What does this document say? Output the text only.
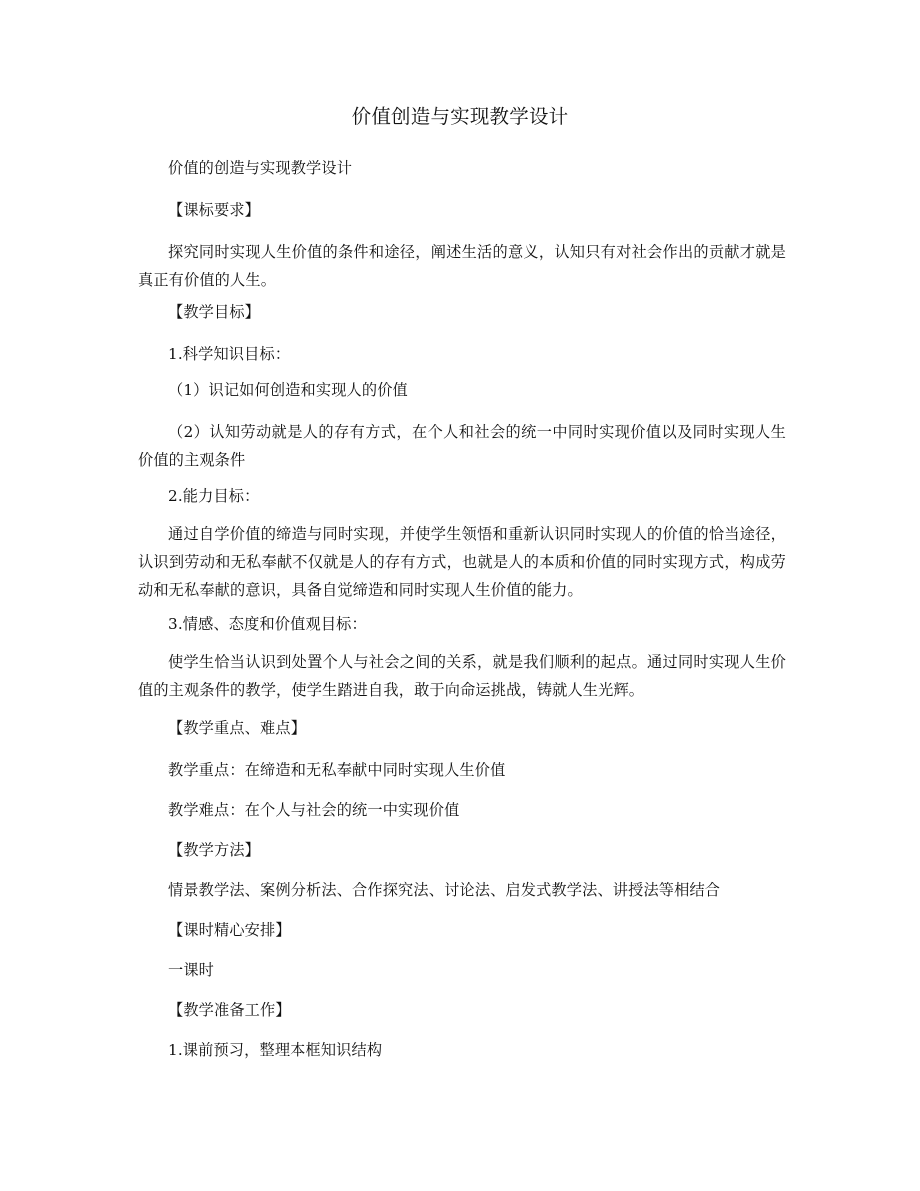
价值创造与实现教学设计
价值的创造与实现教学设计
【课标要求】
探究同时实现人生价值的条件和途径，阐述生活的意义，认知只有对社会作出的贡献才就是真正有价值的人生。
【教学目标】
1.科学知识目标：
（1）识记如何创造和实现人的价值
（2）认知劳动就是人的存有方式，在个人和社会的统一中同时实现价值以及同时实现人生价值的主观条件
2.能力目标：
通过自学价值的缔造与同时实现，并使学生领悟和重新认识同时实现人的价值的恰当途径，认识到劳动和无私奉献不仅就是人的存有方式，也就是人的本质和价值的同时实现方式，构成劳动和无私奉献的意识，具备自觉缔造和同时实现人生价值的能力。
3.情感、态度和价值观目标：
使学生恰当认识到处置个人与社会之间的关系，就是我们顺利的起点。通过同时实现人生价值的主观条件的教学，使学生踏进自我，敢于向命运挑战，铸就人生光辉。
【教学重点、难点】
教学重点：在缔造和无私奉献中同时实现人生价值
教学难点：在个人与社会的统一中实现价值
【教学方法】
情景教学法、案例分析法、合作探究法、讨论法、启发式教学法、讲授法等相结合
【课时精心安排】
一课时
【教学准备工作】
1.课前预习，整理本框知识结构
